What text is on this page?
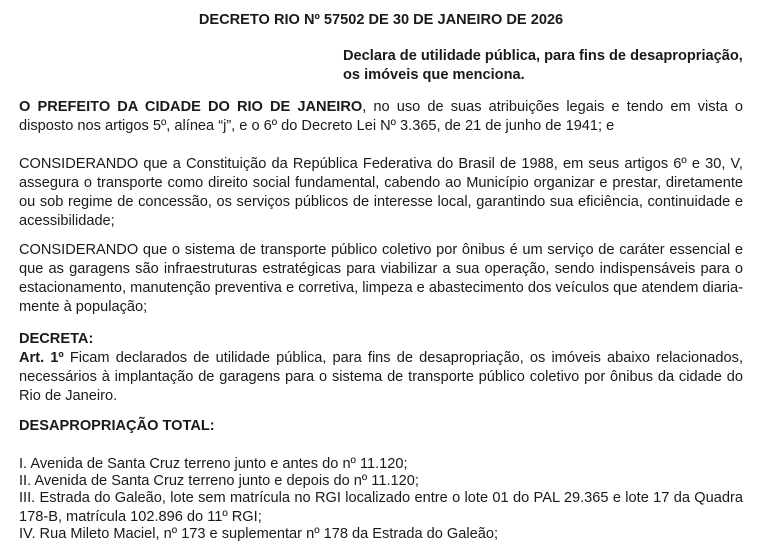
DECRETO RIO Nº 57502 DE 30 DE JANEIRO DE 2026
Declara de utilidade pública, para fins de desapropriação,
os imóveis que menciona.
O PREFEITO DA CIDADE DO RIO DE JANEIRO, no uso de suas atribuições legais e tendo em vista o disposto nos artigos 5º, alínea “j”, e o 6º do Decreto Lei Nº 3.365, de 21 de junho de 1941; e
CONSIDERANDO que a Constituição da República Federativa do Brasil de 1988, em seus artigos 6º e 30, V, assegura o transporte como direito social fundamental, cabendo ao Município organizar e prestar, diretamente ou sob regime de concessão, os serviços públicos de interesse local, garantindo sua eficiência, continuidade e acessibilidade;
CONSIDERANDO que o sistema de transporte público coletivo por ônibus é um serviço de caráter essencial e que as garagens são infraestruturas estratégicas para viabilizar a sua operação, sendo indispensáveis para o estacionamento, manutenção preventiva e corretiva, limpeza e abastecimento dos veículos que atendem diariamente à população;
DECRETA:
Art. 1º Ficam declarados de utilidade pública, para fins de desapropriação, os imóveis abaixo relacionados, necessários à implantação de garagens para o sistema de transporte público coletivo por ônibus da cidade do Rio de Janeiro.
DESAPROPRIAÇÃO TOTAL:
I. Avenida de Santa Cruz terreno junto e antes do nº 11.120;
II. Avenida de Santa Cruz terreno junto e depois do nº 11.120;
III. Estrada do Galeão, lote sem matrícula no RGI localizado entre o lote 01 do PAL 29.365 e lote 17 da Quadra 178-B, matrícula 102.896 do 11º RGI;
IV. Rua Mileto Maciel, nº 173 e suplementar nº 178 da Estrada do Galeão;
